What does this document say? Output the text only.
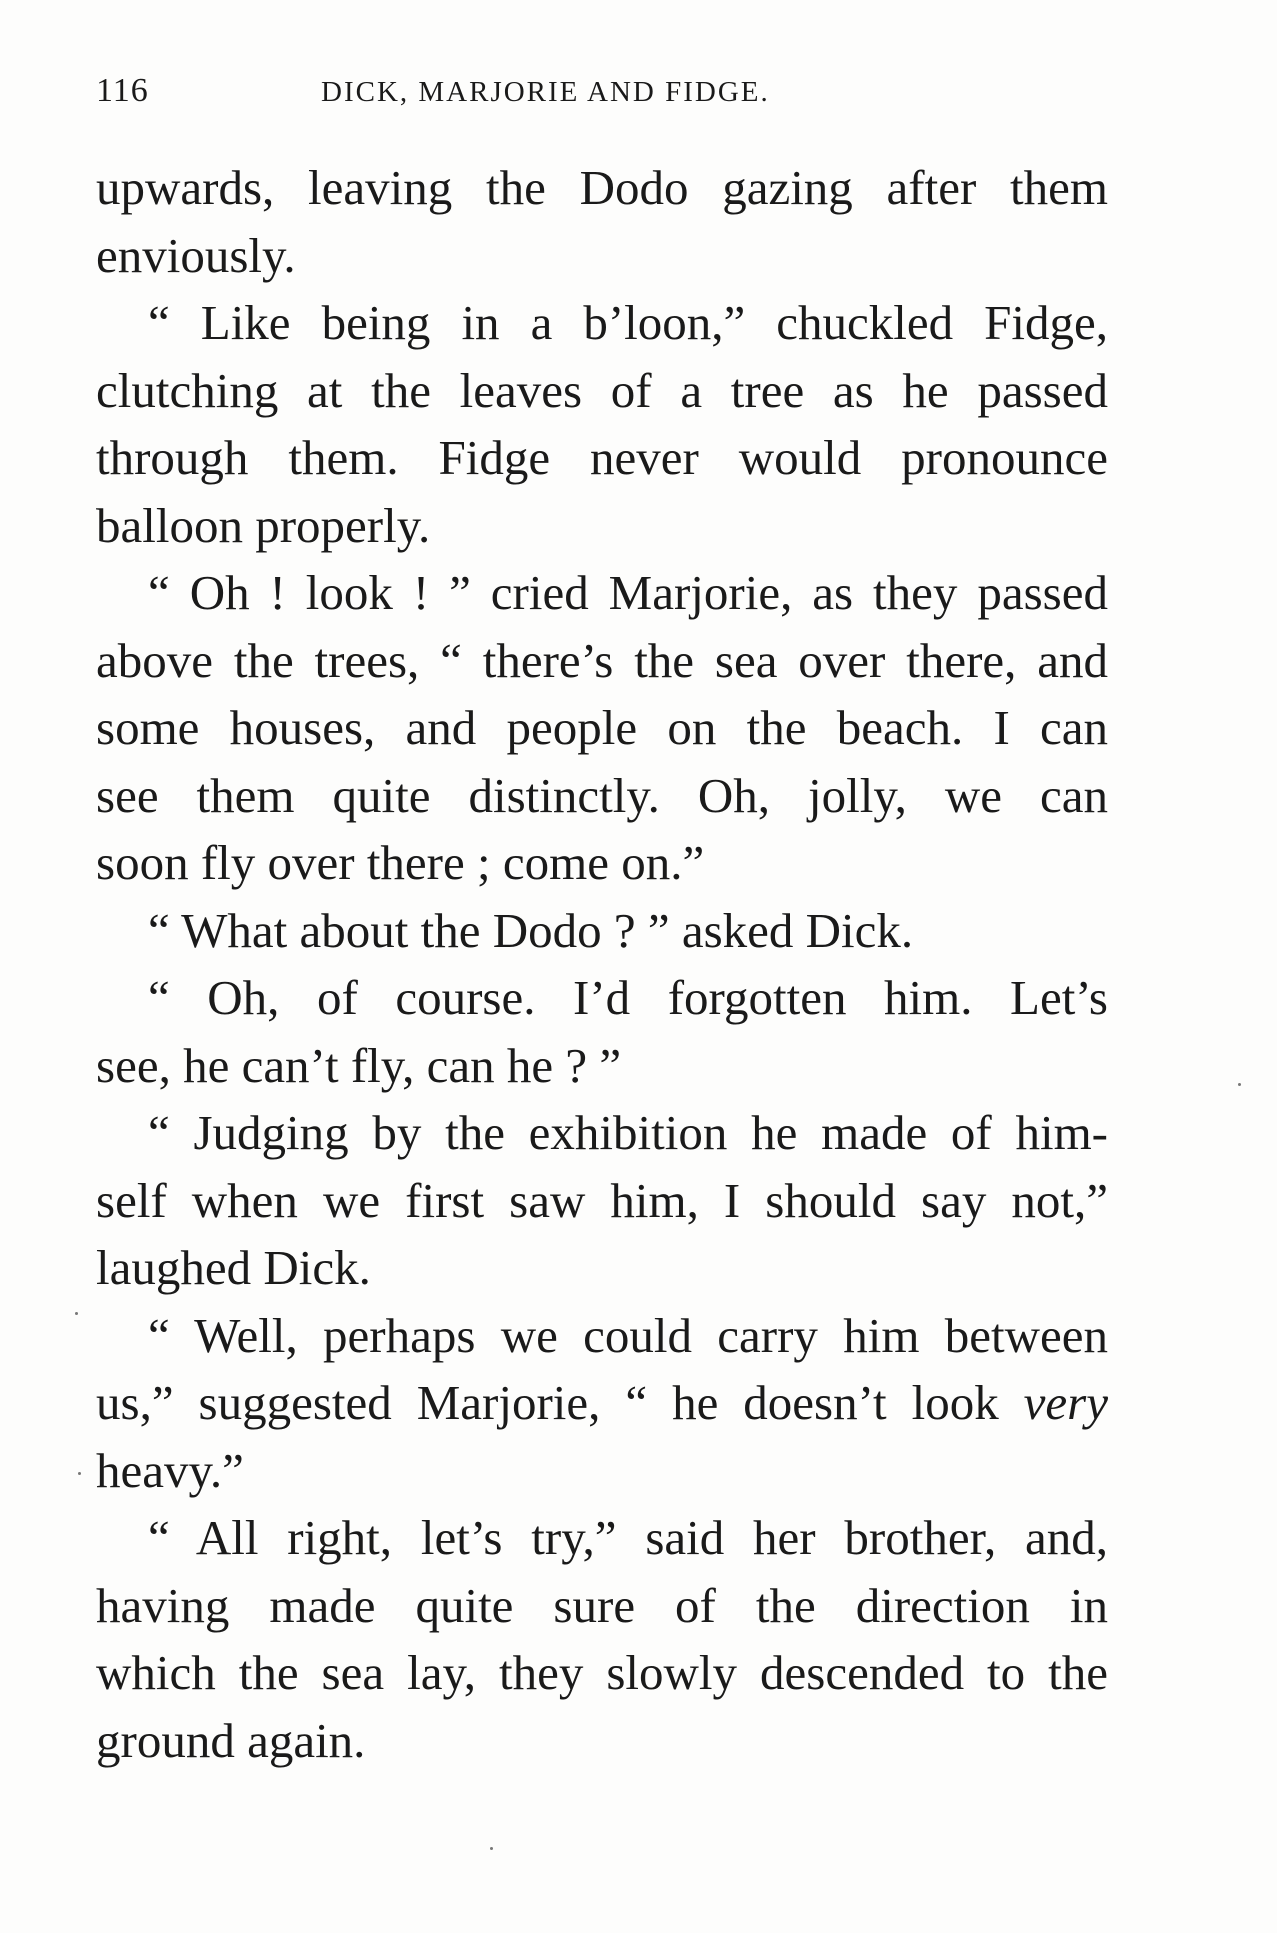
116	DICK, MARJORIE AND FIDGE.

upwards, leaving the Dodo gazing after them

enviously.

“ Like being in a b’loon,” chuckled Fidge,

clutching at the leaves of a tree as he passed

through them. Fidge never would pronounce

balloon properly.

“ Oh ! look ! ” cried Marjorie, as they passed

above the trees, “ there’s the sea over there, and

some houses, and people on the beach. I can

see them quite distinctly. Oh, jolly, we can

soon fly over there ; come on.”

“ What about the Dodo ? ” asked Dick.

“ Oh, of course. I’d forgotten him. Let’s

see, he can’t fly, can he ? ”

“ Judging by the exhibition he made of him-

self when we first saw him, I should say not,”

laughed Dick.

“ Well, perhaps we could carry him between

us,” suggested Marjorie, “ he doesn’t look very

heavy.”

“ All right, let’s try,” said her brother, and,

having made quite sure of the direction in

which the sea lay, they slowly descended to the

ground again.
